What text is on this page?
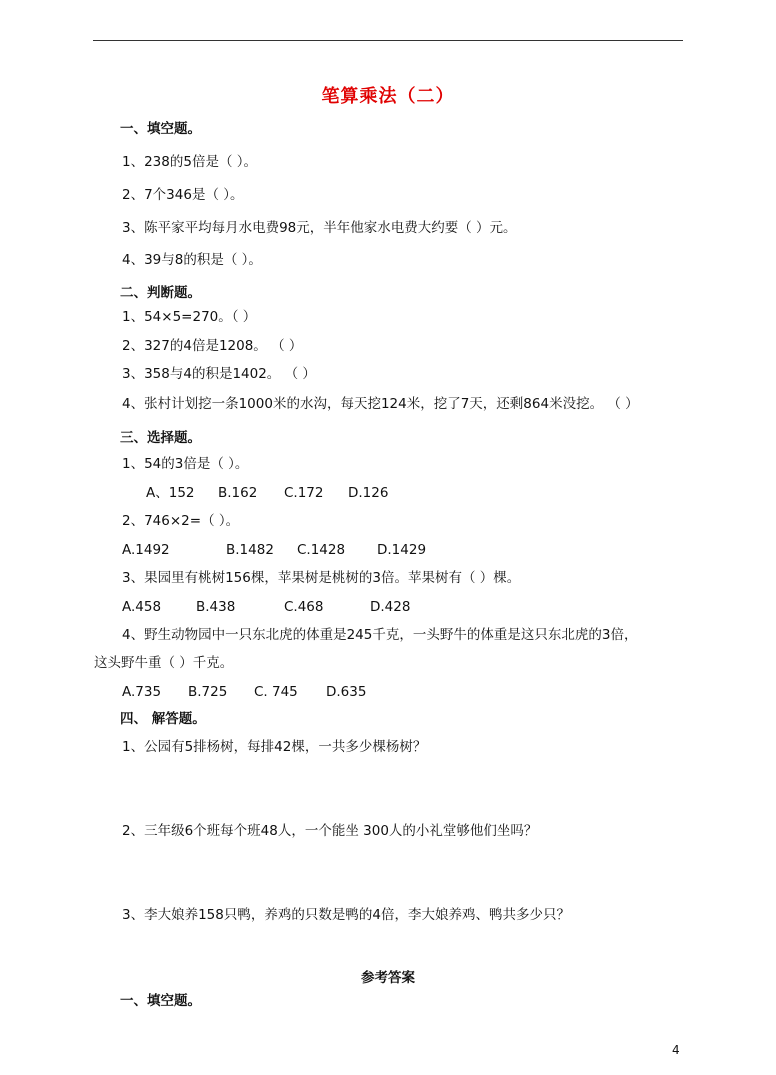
笔算乘法（二）
一、填空题。
1、238的5倍是（ ）。
2、7个346是（ ）。
3、陈平家平均每月水电费98元，半年他家水电费大约要（ ）元。
4、39与8的积是（ ）。
二、判断题。
1、54×5=270。（ ）
2、327的4倍是1208。 （ ）
3、358与4的积是1402。 （ ）
4、张村计划挖一条1000米的水沟，每天挖124米，挖了7天，还剩864米没挖。 （ ）
三、选择题。
1、54的3倍是（ ）。
A、152 B.162 C.172 D.126
2、746×2=（ ）。
A.1492	B.1482 C.1428 D.1429
3、果园里有桃树156棵，苹果树是桃树的3倍。苹果树有（ ）棵。
A.458	B.438	C.468	D.428
4、野生动物园中一只东北虎的体重是245千克，一头野牛的体重是这只东北虎的3倍，
这头野牛重（ ）千克。
A.735 B.725 C. 745 D.635
四、 解答题。
1、公园有5排杨树，每排42棵，一共多少棵杨树？
2、三年级6个班每个班48人，一个能坐 300人的小礼堂够他们坐吗？
3、李大娘养158只鸭，养鸡的只数是鸭的4倍，李大娘养鸡、鸭共多少只？
参考答案
一、填空题。
4
